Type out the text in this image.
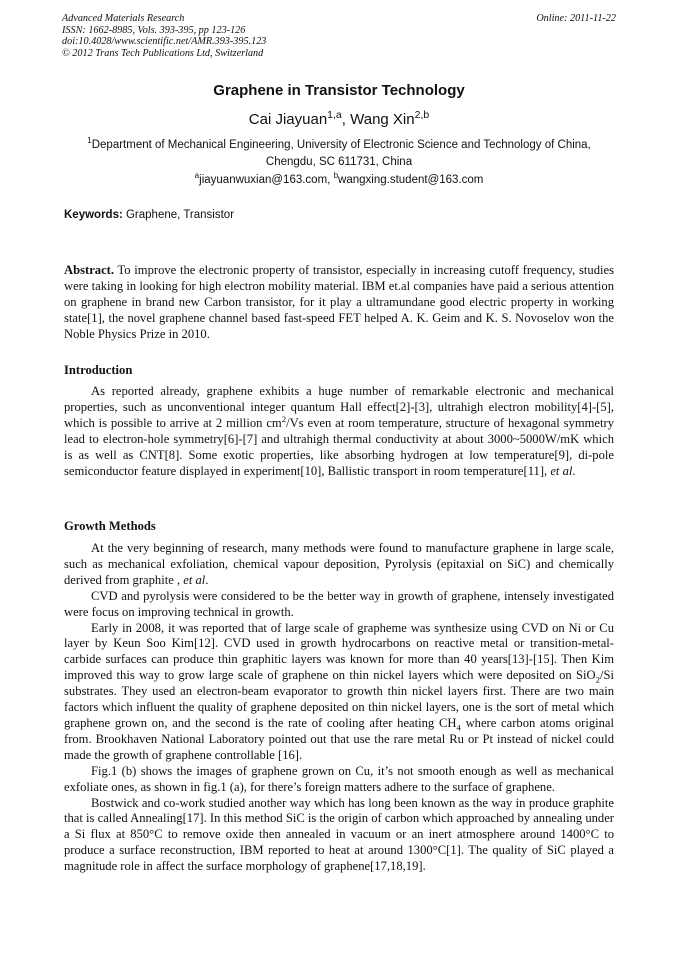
Advanced Materials Research
ISSN: 1662-8985, Vols. 393-395, pp 123-126
doi:10.4028/www.scientific.net/AMR.393-395.123
© 2012 Trans Tech Publications Ltd, Switzerland
Online: 2011-11-22
Graphene in Transistor Technology
Cai Jiayuan$^{1,a}$, Wang Xin$^{2,b}$
$^1$Department of Mechanical Engineering, University of Electronic Science and Technology of China, Chengdu, SC 611731, China
$^a$jiayuanwuxian@163.com, $^b$wangxing.student@163.com
Keywords: Graphene, Transistor

Abstract. To improve the electronic property of transistor, especially in increasing cutoff frequency, studies were taking in looking for high electron mobility material. IBM et.al companies have paid a serious attention on graphene in brand new Carbon transistor, for it play a ultramundane good electric property in working state[1], the novel graphene channel based fast-speed FET helped A. K. Geim and K. S. Novoselov won the Noble Physics Prize in 2010.

Introduction

As reported already, graphene exhibits a huge number of remarkable electronic and mechanical properties, such as unconventional integer quantum Hall effect[2]-[3], ultrahigh electron mobility[4]-[5], which is possible to arrive at 2 million $cm^2/Vs$ even at room temperature, structure of hexagonal symmetry lead to electron-hole symmetry[6]-[7] and ultrahigh thermal conductivity at about 3000~5000W/mK which is as well as CNT[8]. Some exotic properties, like absorbing hydrogen at low temperature[9], di-pole semiconductor feature displayed in experiment[10], Ballistic transport in room temperature[11], et al.

Growth Methods

At the very beginning of research, many methods were found to manufacture graphene in large scale, such as mechanical exfoliation, chemical vapour deposition, Pyrolysis (epitaxial on SiC) and chemically derived from graphite , et al.

CVD and pyrolysis were considered to be the better way in growth of graphene, intensely investigated were focus on improving technical in growth.

Early in 2008, it was reported that of large scale of grapheme was synthesize using CVD on Ni or Cu layer by Keun Soo Kim[12]. CVD used in growth hydrocarbons on reactive metal or transition-metal-carbide surfaces can produce thin graphitic layers was known for more than 40 years[13]-[15]. Then Kim improved this way to grow large scale of graphene on thin nickel layers which were deposited on SiO$_2$/Si substrates. They used an electron-beam evaporator to growth thin nickel layers first. There are two main factors which influent the quality of graphene deposited on thin nickel layers, one is the sort of metal which graphene grown on, and the second is the rate of cooling after heating $CH_4$ where carbon atoms original from. Brookhaven National Laboratory pointed out that use the rare metal Ru or Pt instead of nickel could made the growth of graphene controllable [16].

Fig.1 (b) shows the images of graphene grown on Cu, it’s not smooth enough as well as mechanical exfoliate ones, as shown in fig.1 (a), for there’s foreign matters adhere to the surface of graphene.

Bostwick and co-work studied another way which has long been known as the way in produce graphite that is called Annealing[17]. In this method SiC is the origin of carbon which approached by annealing under a Si flux at 850°C to remove oxide then annealed in vacuum or an inert atmosphere around 1400°C to produce a surface reconstruction, IBM reported to heat at around 1300°C[1]. The quality of SiC played a magnitude role in affect the surface morphology of graphene[17,18,19].
